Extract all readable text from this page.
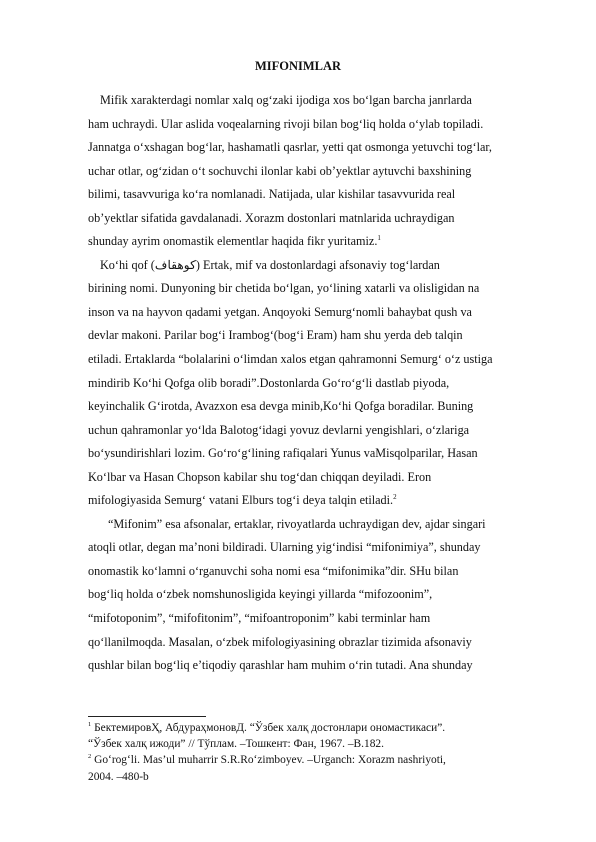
MIFONIMLAR
Mifik xarakterdagi nomlar xalq og‘zaki ijodiga xos bo‘lgan barcha janrlarda
ham uchraydi. Ular aslida voqealarning rivoji bilan bog‘liq holda o‘ylab topiladi.
Jannatga o‘xshagan bog‘lar, hashamatli qasrlar, yetti qat osmonga yetuvchi tog‘lar,
uchar otlar, og‘zidan o‘t sochuvchi ilonlar kabi ob’yektlar aytuvchi baxshining
bilimi, tasavvuriga ko‘ra nomlanadi. Natijada, ular kishilar tasavvurida real
ob’yektlar sifatida gavdalanadi. Xorazm dostonlari matnlarida uchraydigan
shunday ayrim onomastik elementlar haqida fikr yuritamiz.$^1$
Ko‘hi qof (كوهقاف) Ertak, mif va dostonlardagi afsonaviy tog‘lardan
birining nomi. Dunyoning bir chetida bo‘lgan, yo‘lining xatarli va olisligidan na
inson va na hayvon qadami yetgan. Anqoyoki Semurg‘nomli bahaybat qush va
devlar makoni. Parilar bog‘i Irambog‘(bog‘i Eram) ham shu yerda deb talqin
etiladi. Ertaklarda “bolalarini o‘limdan xalos etgan qahramonni Semurg‘ o‘z ustiga
mindirib Ko‘hi Qofga olib boradi”.Dostonlarda Go‘ro‘g‘li dastlab piyoda,
keyinchalik G‘irotda, Avazxon esa devga minib,Ko‘hi Qofga boradilar. Buning
uchun qahramonlar yo‘lda Balotog‘idagi yovuz devlarni yengishlari, o‘zlariga
bo‘ysundirishlari lozim. Go‘ro‘g‘lining rafiqalari Yunus vaMisqolparilar, Hasan
Ko‘lbar va Hasan Chopson kabilar shu tog‘dan chiqqan deyiladi. Eron
mifologiyasida Semurg‘ vatani Elburs tog‘i deya talqin etiladi.$^2$
“Mifonim” esa afsonalar, ertaklar, rivoyatlarda uchraydigan dev, ajdar singari
atoqli otlar, degan ma’noni bildiradi. Ularning yig‘indisi “mifonimiya”, shunday
onomastik ko‘lamni o‘rganuvchi soha nomi esa “mifonimika”dir. SHu bilan
bog‘liq holda o‘zbek nomshunosligida keyingi yillarda “mifozoonim”,
“mifotoponim”, “mifofitonim”, “mifoantroponim” kabi terminlar ham
qo‘llanilmoqda. Masalan, o‘zbek mifologiyasining obrazlar tizimida afsonaviy
qushlar bilan bog‘liq e’tiqodiy qarashlar ham muhim o‘rin tutadi. Ana shunday
$^1$ БектемировҲ, АбдураҳмоновД. “Ўзбек халқ достонлари ономастикаси”.
“Ўзбек халқ ижоди” // Тўплам. –Тошкент: Фан, 1967. –В.182.
$^2$ Go‘rog‘li. Mas’ul muharrir S.R.Ro‘zimboyev. –Urganch: Xorazm nashriyoti,
2004. –480-b
